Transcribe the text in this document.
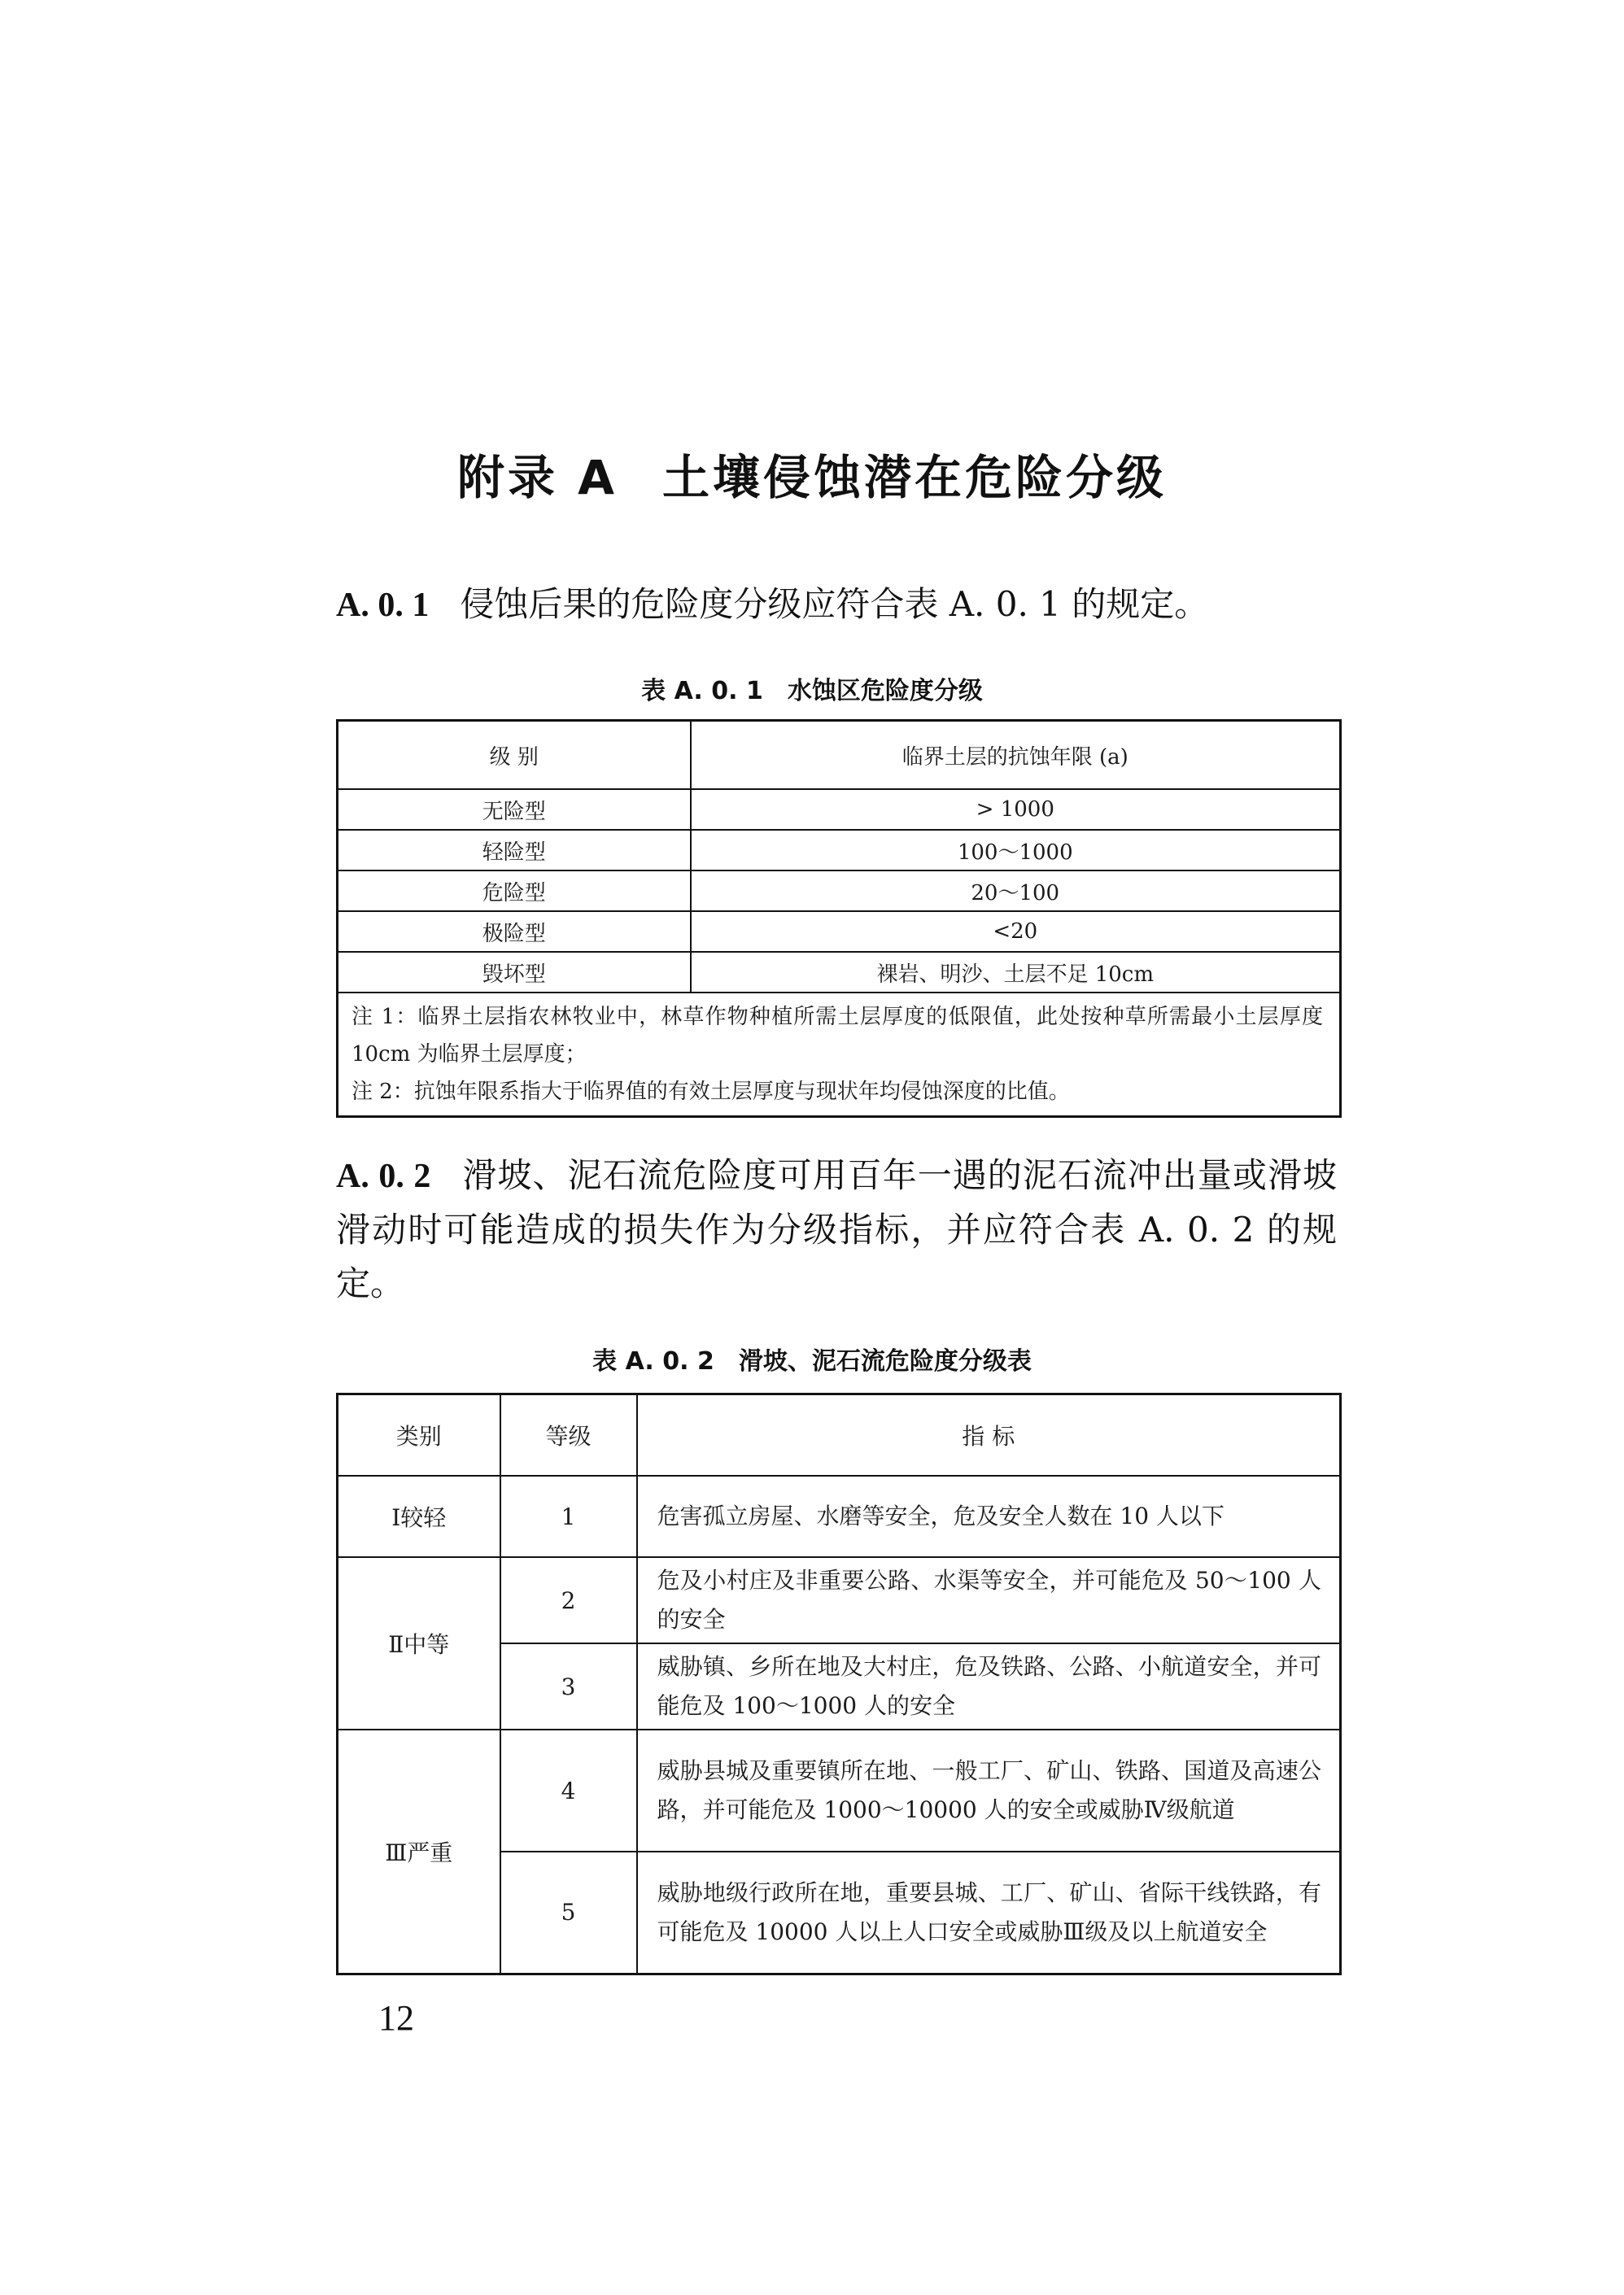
附录 A 土壤侵蚀潜在危险分级

A. 0. 1 侵蚀后果的危险度分级应符合表 A. 0. 1 的规定。

表 A. 0. 1 水蚀区危险度分级
级 别	临界土层的抗蚀年限 (a)
无险型	> 1000
轻险型	100～1000
危险型	20～100
极险型	<20
毁坏型	裸岩、明沙、土层不足 10cm

注 1：临界土层指农林牧业中，林草作物种植所需土层厚度的低限值，此处按种草所需最小土层厚度 10cm 为临界土层厚度；

注 2：抗蚀年限系指大于临界值的有效土层厚度与现状年均侵蚀深度的比值。	

A. 0. 2 滑坡、泥石流危险度可用百年一遇的泥石流冲出量或滑坡滑动时可能造成的损失作为分级指标，并应符合表 A. 0. 2 的规定。

表 A. 0. 2 滑坡、泥石流危险度分级表
类别	等级	指 标
Ⅰ较轻	1	危害孤立房屋、水磨等安全，危及安全人数在 10 人以下
Ⅱ中等	2	危及小村庄及非重要公路、水渠等安全，并可能危及 50～100 人的安全
	3	威胁镇、乡所在地及大村庄，危及铁路、公路、小航道安全，并可能危及 100～1000 人的安全
Ⅲ严重	4	威胁县城及重要镇所在地、一般工厂、矿山、铁路、国道及高速公路，并可能危及 1000～10000 人的安全或威胁Ⅳ级航道
	5	威胁地级行政所在地，重要县城、工厂、矿山、省际干线铁路，有可能危及 10000 人以上人口安全或威胁Ⅲ级及以上航道安全
12
